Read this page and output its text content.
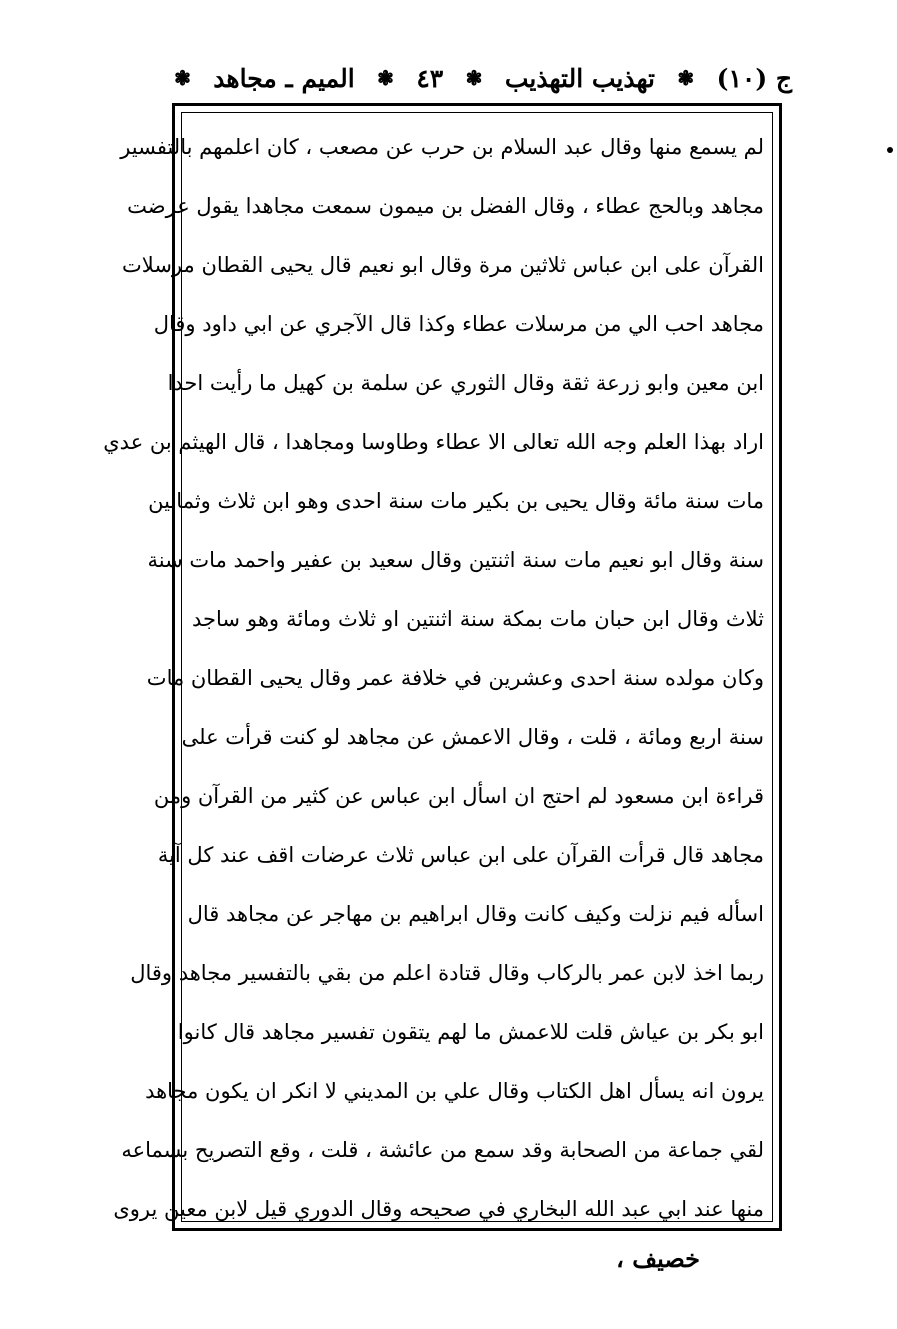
ج (١٠)
❃
تهذيب التهذيب
❃
٤٣
❃
الميم ـ مجاهد
❃
لم يسمع منها وقال عبد السلام بن حرب عن مصعب ، كان اعلمهم بالتفسير
مجاهد وبالحج عطاء ، وقال الفضل بن ميمون سمعت مجاهدا يقول عرضت
القرآن على ابن عباس ثلاثين مرة وقال ابو نعيم قال يحيى القطان مرسلات
مجاهد احب الي من مرسلات عطاء وكذا قال الآجري عن ابي داود وقال
ابن معين وابو زرعة ثقة وقال الثوري عن سلمة بن كهيل ما رأيت احدا
اراد بهذا العلم وجه الله تعالى الا عطاء وطاوسا ومجاهدا ، قال الهيثم بن عدي
مات سنة مائة وقال يحيى بن بكير مات سنة احدى وهو ابن ثلاث وثمانين
سنة وقال ابو نعيم مات سنة اثنتين وقال سعيد بن عفير واحمد مات سنة
ثلاث وقال ابن حبان مات بمكة سنة اثنتين او ثلاث ومائة وهو ساجد
وكان مولده سنة احدى وعشرين في خلافة عمر وقال يحيى القطان مات
سنة اربع ومائة ، قلت ، وقال الاعمش عن مجاهد لو كنت قرأت على
قراءة ابن مسعود لم احتج ان اسأل ابن عباس عن كثير من القرآن ومن
مجاهد قال قرأت القرآن على ابن عباس ثلاث عرضات اقف عند كل آية
اسأله فيم نزلت وكيف كانت وقال ابراهيم بن مهاجر عن مجاهد قال
ربما اخذ لابن عمر بالركاب وقال قتادة اعلم من بقي بالتفسير مجاهد وقال
ابو بكر بن عياش قلت للاعمش ما لهم يتقون تفسير مجاهد قال كانوا
يرون انه يسأل اهل الكتاب وقال علي بن المديني لا انكر ان يكون مجاهد
لقي جماعة من الصحابة وقد سمع من عائشة ، قلت ، وقع التصريح بسماعه
منها عند ابي عبد الله البخاري في صحيحه وقال الدوري قيل لابن معين يروى
خصيف ،
